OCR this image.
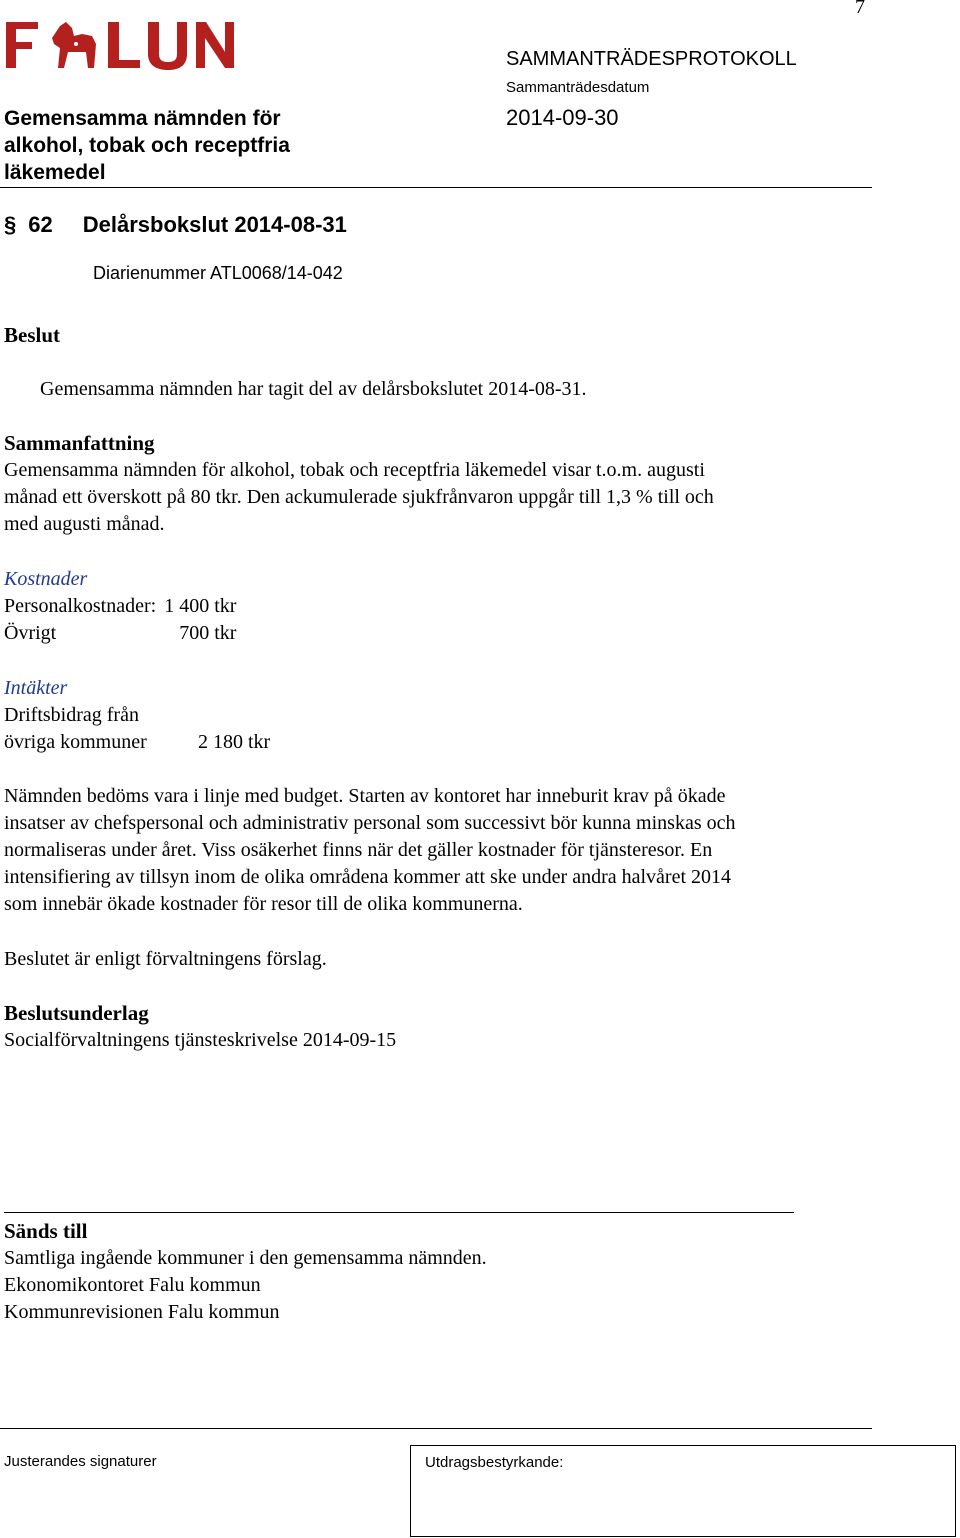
7
SAMMANTRÄDESPROTOKOLL
Sammanträdesdatum
2014-09-30
Gemensamma nämnden för
alkohol, tobak och receptfria
läkemedel
§ 62 Delårsbokslut 2014-08-31
Diarienummer ATL0068/14-042
Beslut
Gemensamma nämnden har tagit del av delårsbokslutet 2014-08-31.
Sammanfattning
Gemensamma nämnden för alkohol, tobak och receptfria läkemedel visar t.o.m. augusti
månad ett överskott på 80 tkr. Den ackumulerade sjukfrånvaron uppgår till 1,3 % till och
med augusti månad.
Kostnader
Personalkostnader:	1 400 tkr
Övrigt	700 tkr
Intäkter
Driftsbidrag från
övriga kommuner	2 180 tkr
Nämnden bedöms vara i linje med budget. Starten av kontoret har inneburit krav på ökade
insatser av chefspersonal och administrativ personal som successivt bör kunna minskas och
normaliseras under året. Viss osäkerhet finns när det gäller kostnader för tjänsteresor. En
intensifiering av tillsyn inom de olika områdena kommer att ske under andra halvåret 2014
som innebär ökade kostnader för resor till de olika kommunerna.
Beslutet är enligt förvaltningens förslag.
Beslutsunderlag
Socialförvaltningens tjänsteskrivelse 2014-09-15
Sänds till
Samtliga ingående kommuner i den gemensamma nämnden.
Ekonomikontoret Falu kommun
Kommunrevisionen Falu kommun
Justerandes signaturer	Utdragsbestyrkande:
